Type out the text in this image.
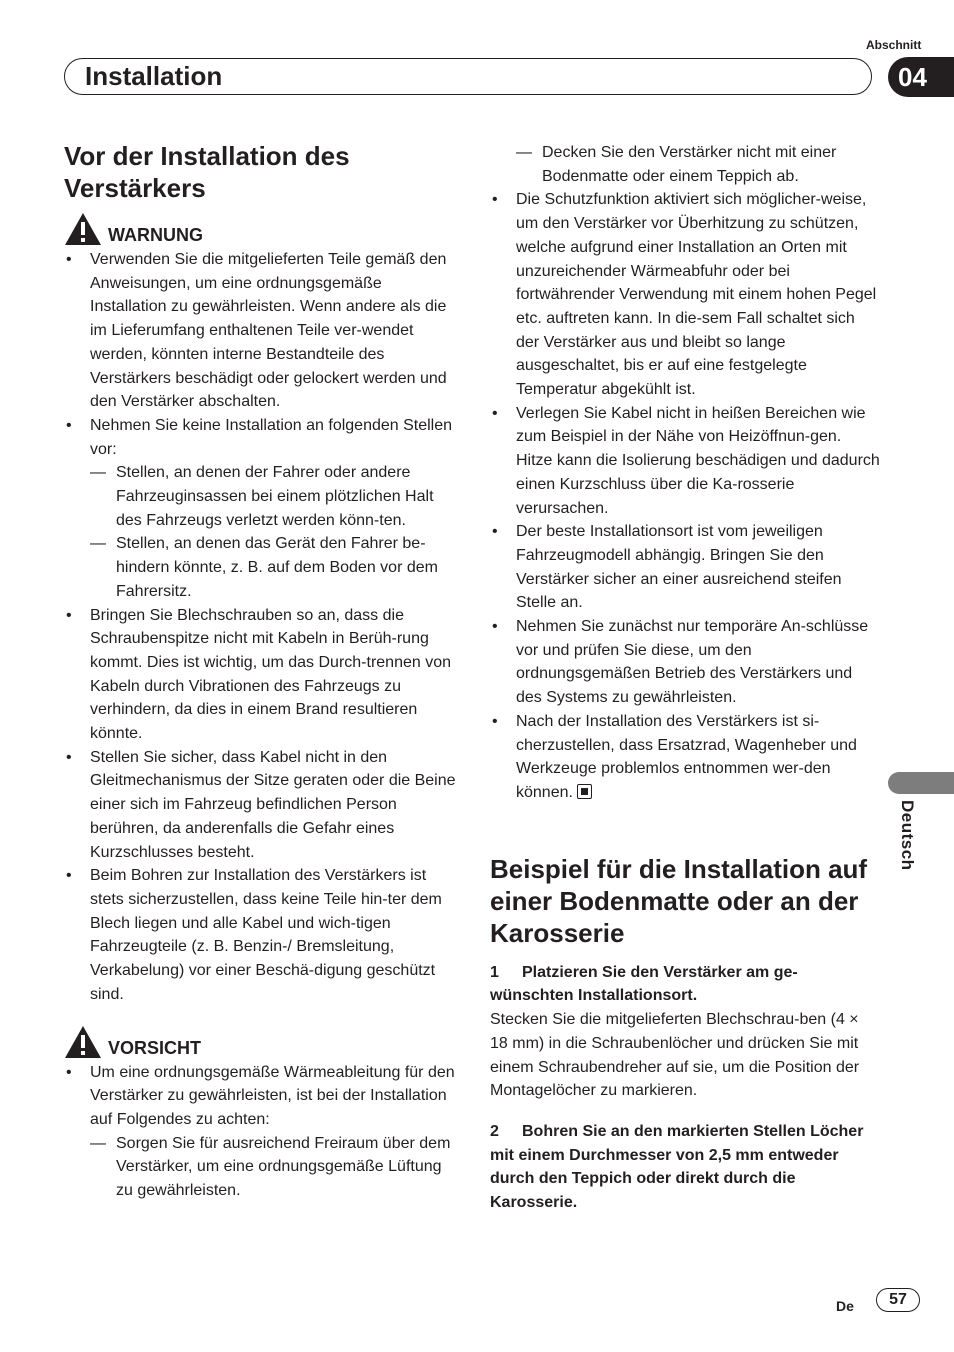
Abschnitt
Installation	04
Deutsch
Vor der Installation des Verstärkers
WARNUNG
• Verwenden Sie die mitgelieferten Teile gemäß den Anweisungen, um eine ordnungsgemäße Installation zu gewährleisten. Wenn andere als die im Lieferumfang enthaltenen Teile ver-wendet werden, könnten interne Bestandteile des Verstärkers beschädigt oder gelockert werden und den Verstärker abschalten.
• Nehmen Sie keine Installation an folgenden Stellen vor:
— Stellen, an denen der Fahrer oder andere Fahrzeuginsassen bei einem plötzlichen Halt des Fahrzeugs verletzt werden könn-ten.
— Stellen, an denen das Gerät den Fahrer be-hindern könnte, z. B. auf dem Boden vor dem Fahrersitz.
• Bringen Sie Blechschrauben so an, dass die Schraubenspitze nicht mit Kabeln in Berüh-rung kommt. Dies ist wichtig, um das Durch-trennen von Kabeln durch Vibrationen des Fahrzeugs zu verhindern, da dies in einem Brand resultieren könnte.
• Stellen Sie sicher, dass Kabel nicht in den Gleitmechanismus der Sitze geraten oder die Beine einer sich im Fahrzeug befindlichen Person berühren, da anderenfalls die Gefahr eines Kurzschlusses besteht.
• Beim Bohren zur Installation des Verstärkers ist stets sicherzustellen, dass keine Teile hin-ter dem Blech liegen und alle Kabel und wich-tigen Fahrzeugteile (z. B. Benzin-/ Bremsleitung, Verkabelung) vor einer Beschä-digung geschützt sind.
VORSICHT
• Um eine ordnungsgemäße Wärmeableitung für den Verstärker zu gewährleisten, ist bei der Installation auf Folgendes zu achten:
— Sorgen Sie für ausreichend Freiraum über dem Verstärker, um eine ordnungsgemäße Lüftung zu gewährleisten.
— Decken Sie den Verstärker nicht mit einer Bodenmatte oder einem Teppich ab.
• Die Schutzfunktion aktiviert sich möglicher-weise, um den Verstärker vor Überhitzung zu schützen, welche aufgrund einer Installation an Orten mit unzureichender Wärmeabfuhr oder bei fortwährender Verwendung mit einem hohen Pegel etc. auftreten kann. In die-sem Fall schaltet sich der Verstärker aus und bleibt so lange ausgeschaltet, bis er auf eine festgelegte Temperatur abgekühlt ist.
• Verlegen Sie Kabel nicht in heißen Bereichen wie zum Beispiel in der Nähe von Heizöffnun-gen. Hitze kann die Isolierung beschädigen und dadurch einen Kurzschluss über die Ka-rosserie verursachen.
• Der beste Installationsort ist vom jeweiligen Fahrzeugmodell abhängig. Bringen Sie den Verstärker sicher an einer ausreichend steifen Stelle an.
• Nehmen Sie zunächst nur temporäre An-schlüsse vor und prüfen Sie diese, um den ordnungsgemäßen Betrieb des Verstärkers und des Systems zu gewährleisten.
• Nach der Installation des Verstärkers ist si-cherzustellen, dass Ersatzrad, Wagenheber und Werkzeuge problemlos entnommen wer-den können.
Beispiel für die Installation auf einer Bodenmatte oder an der Karosserie
1 Platzieren Sie den Verstärker am ge-wünschten Installationsort.
Stecken Sie die mitgelieferten Blechschrau-ben (4 × 18 mm) in die Schraubenlöcher und drücken Sie mit einem Schraubendreher auf sie, um die Position der Montagelöcher zu markieren.
2 Bohren Sie an den markierten Stellen Löcher mit einem Durchmesser von 2,5 mm entweder durch den Teppich oder direkt durch die Karosserie.
De	57
